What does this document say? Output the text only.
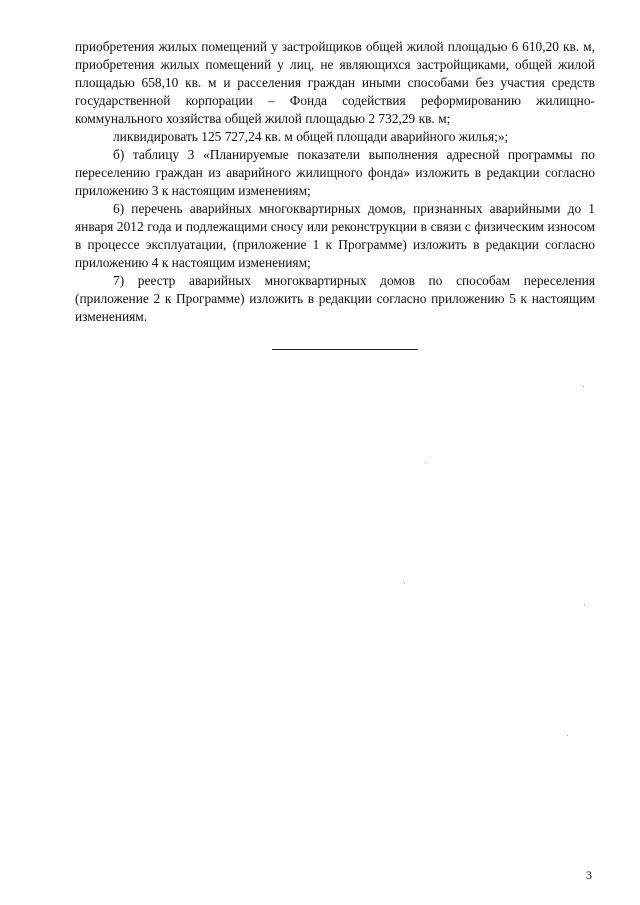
приобретения жилых помещений у застройщиков общей жилой площадью 6 610,20 кв. м, приобретения жилых помещений у лиц, не являющихся застройщиками, общей жилой площадью 658,10 кв. м и расселения граждан иными способами без участия средств государственной корпорации – Фонда содействия реформированию жилищно-коммунального хозяйства общей жилой площадью 2 732,29 кв. м;

ликвидировать 125 727,24 кв. м общей площади аварийного жилья;»;

б) таблицу 3 «Планируемые показатели выполнения адресной программы по переселению граждан из аварийного жилищного фонда» изложить в редакции согласно приложению 3 к настоящим изменениям;

6) перечень аварийных многоквартирных домов, признанных аварийными до 1 января 2012 года и подлежащими сносу или реконструкции в связи с физическим износом в процессе эксплуатации, (приложение 1 к Программе) изложить в редакции согласно приложению 4 к настоящим изменениям;

7) реестр аварийных многоквартирных домов по способам переселения (приложение 2 к Программе) изложить в редакции согласно приложению 5 к настоящим изменениям.

3
